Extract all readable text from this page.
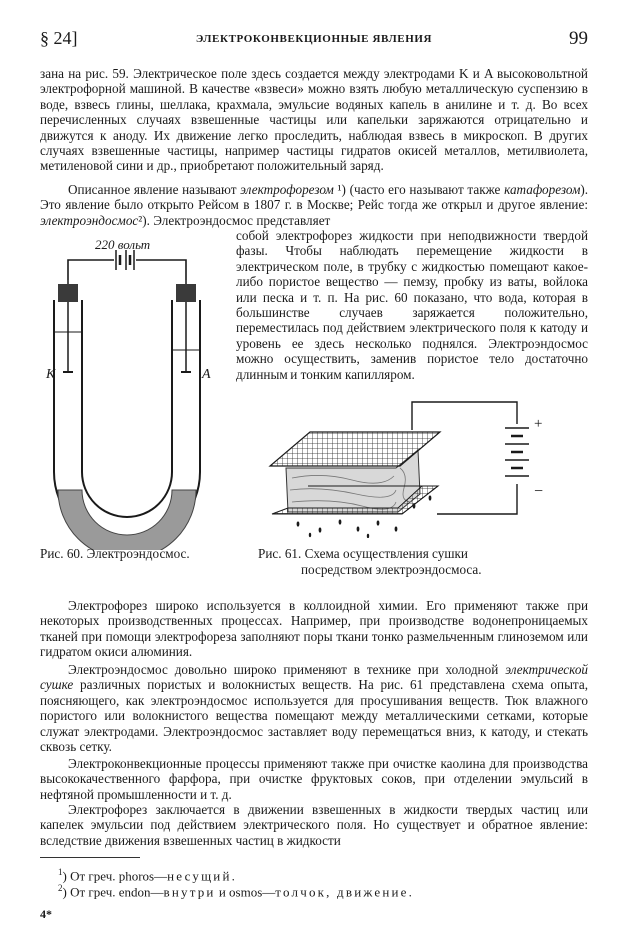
§ 24]	ЭЛЕКТРОКОНВЕКЦИОННЫЕ ЯВЛЕНИЯ	99

зана на рис. 59. Электрическое поле здесь создается между электродами K и A высоковольтной электрофорной машиной. В качестве «взвеси» можно взять любую металлическую суспензию в воде, взвесь глины, шеллака, крахмала, эмульсие водяных капель в анилине и т. д. Во всех перечисленных случаях взвешенные частицы или капельки заряжаются отрицательно и движутся к аноду. Их движение легко проследить, наблюдая взвесь в микроскоп. В других случаях взвешенные частицы, например частицы гидратов окисей металлов, метилвиолета, метиленовой сини и др., приобретают положительный заряд.

Описанное явление называют электрофорезом ¹) (часто его называют также катафорезом). Это явление было открыто Рейсом в 1807 г. в Москве; Рейс тогда же открыл и другое явление: электроэндосмос²). Электроэндосмос представляет

собой электрофорез жидкости при неподвижности твердой фазы. Чтобы наблюдать перемещение жидкости в электрическом поле, в трубку с жидкостью помещают какое-либо пористое вещество — пемзу, пробку из ваты, войлока или песка и т. п. На рис. 60 показано, что вода, которая в большинстве случаев заряжается положительно, переместилась под действием электрического поля к катоду и уровень ее здесь несколько поднялся. Электроэндосмос можно осуществить, заменив пористое тело достаточно длинным и тонким капилляром.

220 вольт
K	A
Рис. 60. Электроэндосмос.
+
−
Рис. 61. Схема осуществления сушки
посредством электроэндосмоса.

Электрофорез широко используется в коллоидной химии. Его применяют также при некоторых производственных процессах. Например, при производстве водонепроницаемых тканей при помощи электрофореза заполняют поры ткани тонко размельченным глиноземом или гидратом окиси алюминия.

Электроэндосмос довольно широко применяют в технике при холодной электрической сушке различных пористых и волокнистых веществ. На рис. 61 представлена схема опыта, поясняющего, как электроэндосмос используется для просушивания веществ. Тюк влажного пористого или волокнистого вещества помещают между металлическими сетками, которые служат электродами. Электроэндосмос заставляет воду перемещаться вниз, к катоду, и стекать сквозь сетку.

Электроконвекционные процессы применяют также при очистке каолина для производства высококачественного фарфора, при очистке фруктовых соков, при отделении эмульсий в нефтяной промышленности и т. д.

Электрофорез заключается в движении взвешенных в жидкости твердых частиц или капелек эмульсии под действием электрического поля. Но существует и обратное явление: вследствие движения взвешенных частиц в жидкости

$^1$) От греч. phoros—несущий.
$^2$) От греч. endon—внутри и osmos—толчок, движение.
4*
